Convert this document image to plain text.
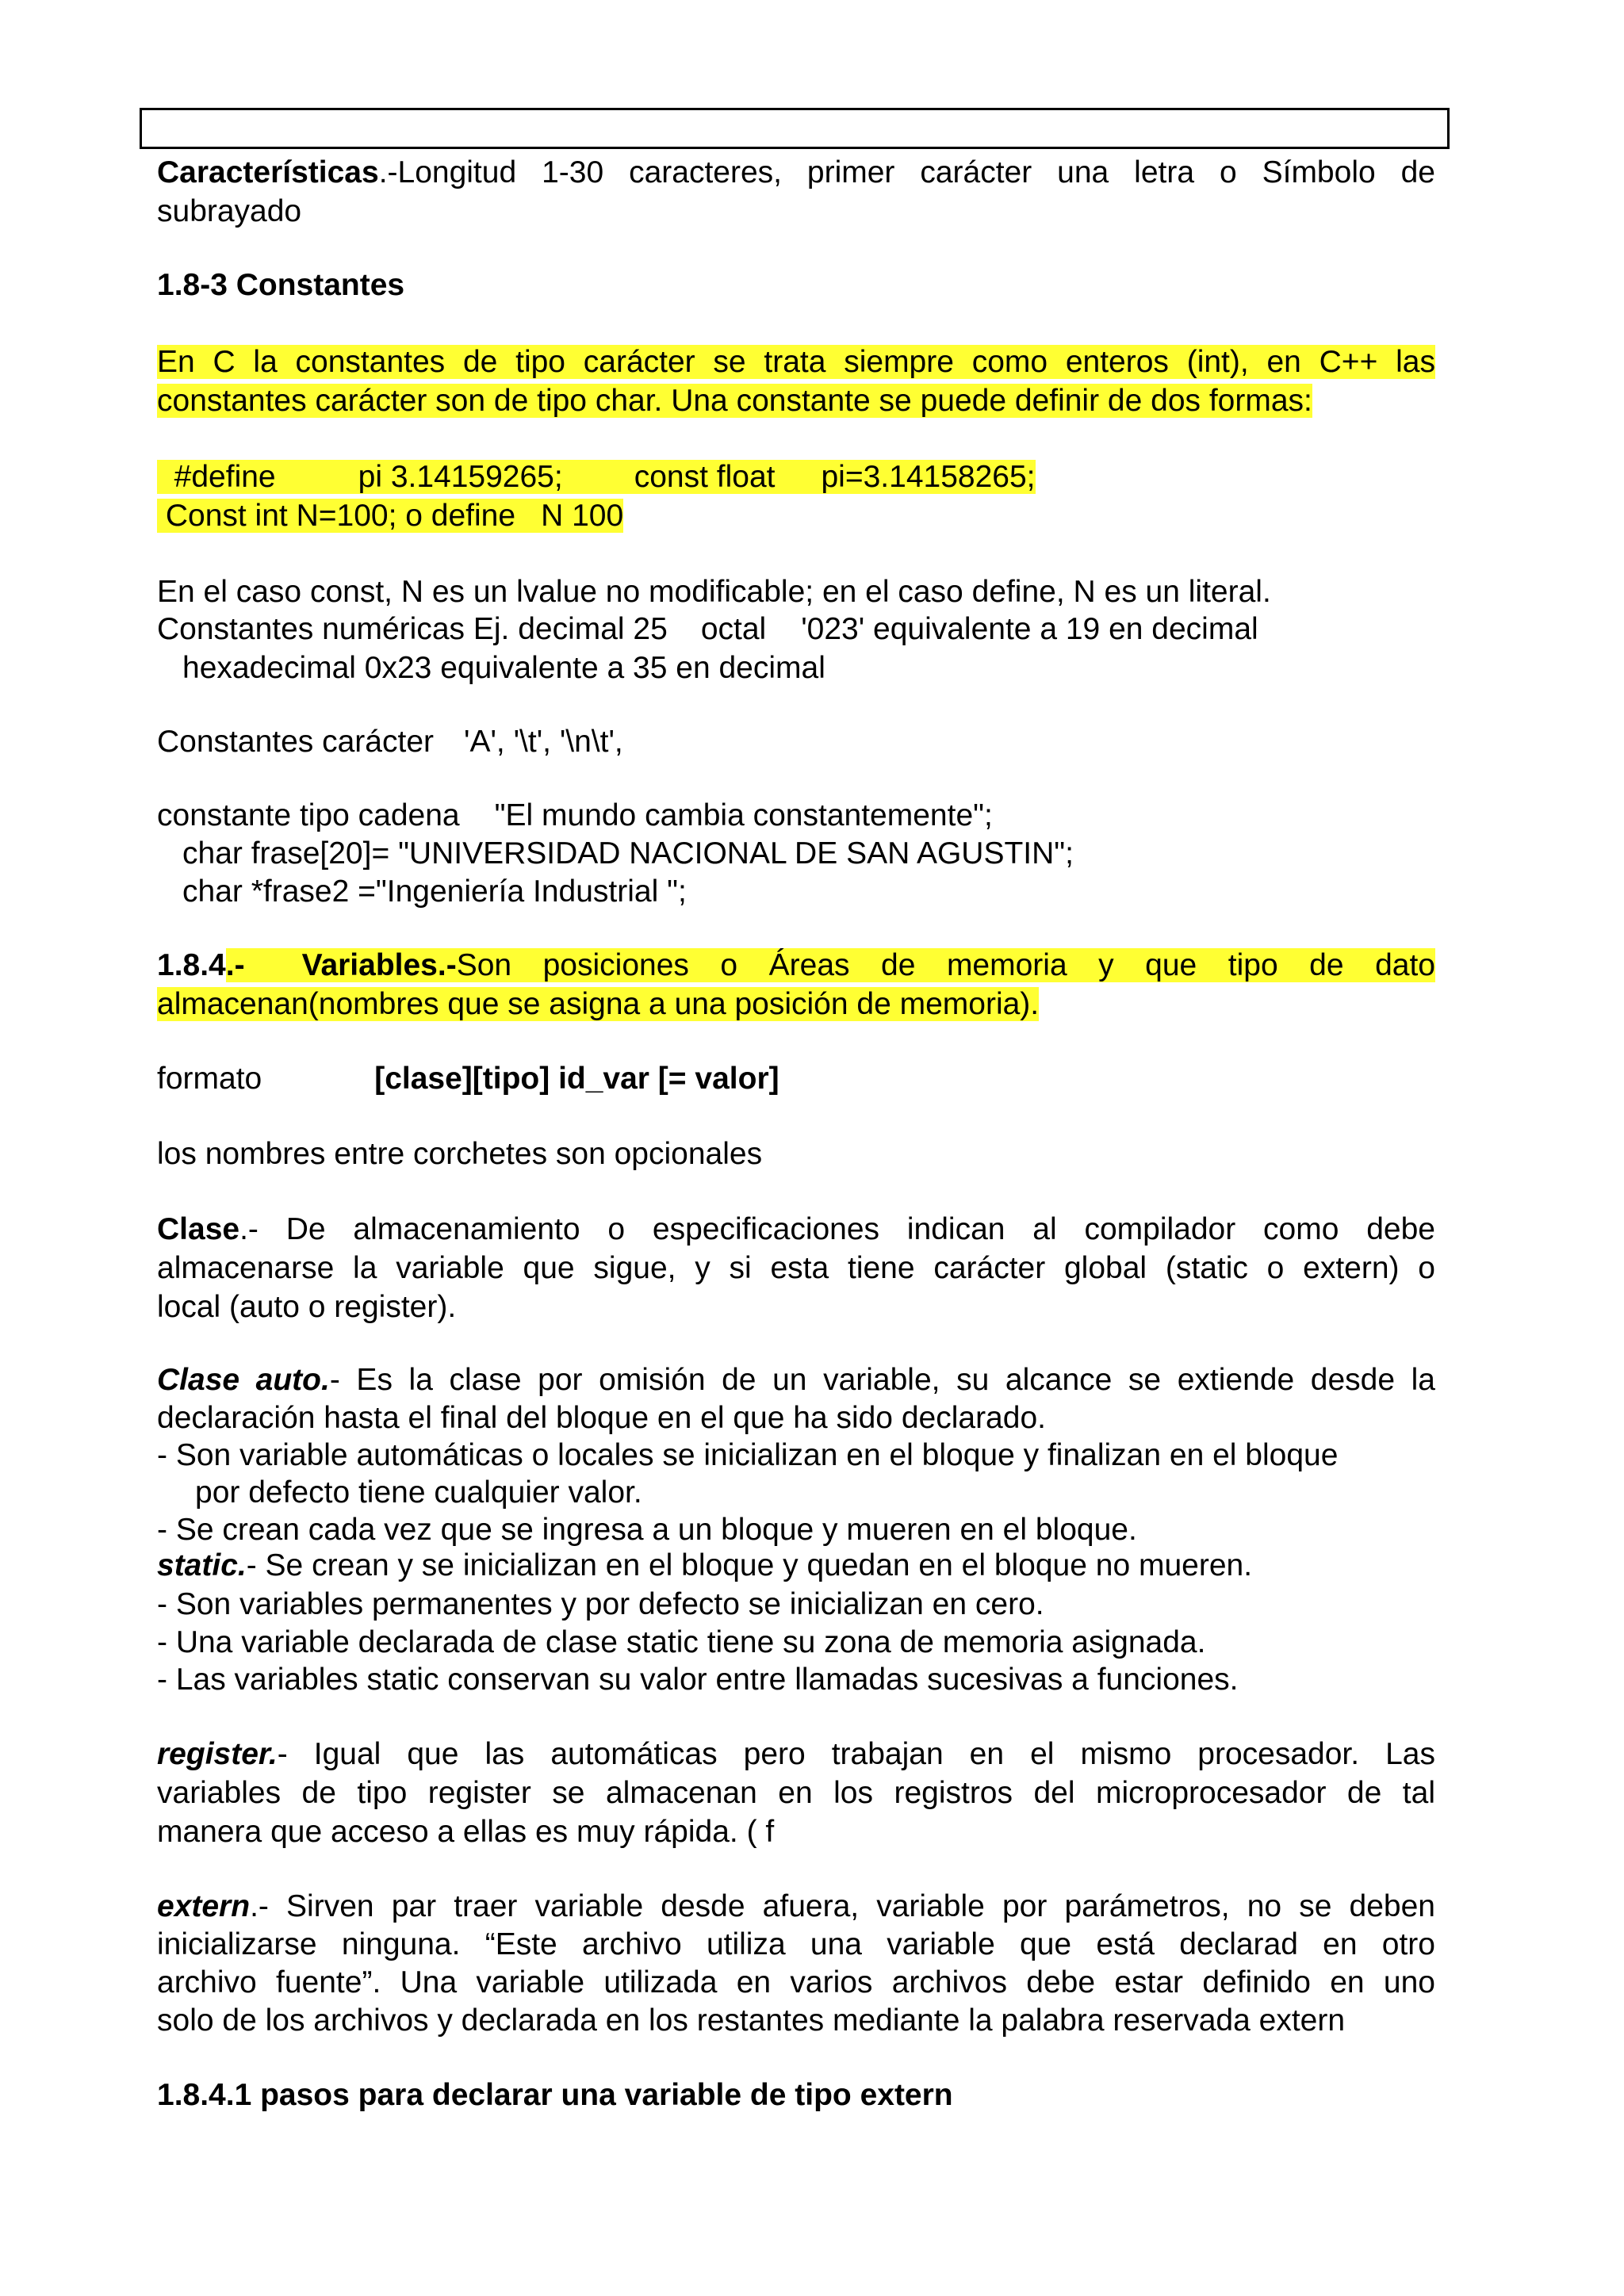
Características.-Longitud 1-30 caracteres, primer carácter una letra o Símbolo de
subrayado
1.8-3 Constantes
En C la constantes de tipo carácter se trata siempre como enteros (int), en C++ las
constantes carácter son de tipo char. Una constante se puede definir de dos formas:
#define	pi 3.14159265; const float pi=3.14158265;
Const int N=100; o define N 100
En el caso const, N es un lvalue no modificable; en el caso define, N es un literal.
Constantes numéricas Ej. decimal 25 octal '023' equivalente a 19 en decimal
hexadecimal 0x23 equivalente a 35 en decimal
Constantes carácter 'A', '\t', '\n\t',
constante tipo cadena "El mundo cambia constantemente";
char frase[20]= "UNIVERSIDAD NACIONAL DE SAN AGUSTIN";
char *frase2 ="Ingeniería Industrial ";
1.8.4.- Variables.-Son posiciones o Áreas de memoria y que tipo de dato
almacenan(nombres que se asigna a una posición de memoria).
formato	[clase][tipo] id_var [= valor]
los nombres entre corchetes son opcionales
Clase.- De almacenamiento o especificaciones indican al compilador como debe
almacenarse la variable que sigue, y si esta tiene carácter global (static o extern) o
local (auto o register).
Clase auto.- Es la clase por omisión de un variable, su alcance se extiende desde la
declaración hasta el final del bloque en el que ha sido declarado.
- Son variable automáticas o locales se inicializan en el bloque y finalizan en el bloque
por defecto tiene cualquier valor.
- Se crean cada vez que se ingresa a un bloque y mueren en el bloque.
static.- Se crean y se inicializan en el bloque y quedan en el bloque no mueren.
- Son variables permanentes y por defecto se inicializan en cero.
- Una variable declarada de clase static tiene su zona de memoria asignada.
- Las variables static conservan su valor entre llamadas sucesivas a funciones.
register.- Igual que las automáticas pero trabajan en el mismo procesador. Las
variables de tipo register se almacenan en los registros del microprocesador de tal
manera que acceso a ellas es muy rápida. ( f
extern.- Sirven par traer variable desde afuera, variable por parámetros, no se deben
inicializarse ninguna. “Este archivo utiliza una variable que está declarad en otro
archivo fuente”. Una variable utilizada en varios archivos debe estar definido en uno
solo de los archivos y declarada en los restantes mediante la palabra reservada extern
1.8.4.1 pasos para declarar una variable de tipo extern
